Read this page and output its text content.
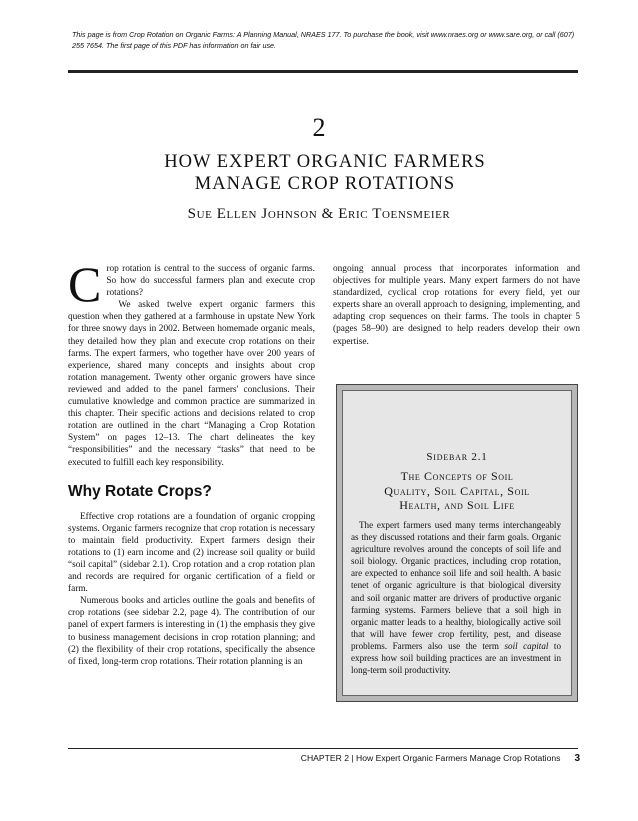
This page is from Crop Rotation on Organic Farms: A Planning Manual, NRAES 177. To purchase the book, visit www.nraes.org or www.sare.org, or call (607) 255 7654. The first page of this PDF has information on fair use.
2
HOW EXPERT ORGANIC FARMERS
MANAGE CROP ROTATIONS
Sue Ellen Johnson & Eric Toensmeier

Crop rotation is central to the success of organic farms. So how do successful farmers plan and execute crop rotations?

We asked twelve expert organic farmers this question when they gathered at a farmhouse in upstate New York for three snowy days in 2002. Between homemade organic meals, they detailed how they plan and execute crop rotations on their farms. The expert farmers, who together have over 200 years of experience, shared many concepts and insights about crop rotation management. Twenty other organic growers have since reviewed and added to the panel farmers' conclusions. Their cumulative knowledge and common practice are summarized in this chapter. Their specific actions and decisions related to crop rotation are outlined in the chart “Managing a Crop Rotation System” on pages 12–13. The chart delineates the key “responsibilities” and the necessary “tasks” that need to be executed to fulfill each key responsibility.

Why Rotate Crops?

Effective crop rotations are a foundation of organic cropping systems. Organic farmers recognize that crop rotation is necessary to maintain field productivity. Expert farmers design their rotations to (1) earn income and (2) increase soil quality or build “soil capital” (sidebar 2.1). Crop rotation and a crop rotation plan and records are required for organic certification of a field or farm.

Numerous books and articles outline the goals and benefits of crop rotations (see sidebar 2.2, page 4). The contribution of our panel of expert farmers is interesting in (1) the emphasis they give to business management decisions in crop rotation planning; and (2) the flexibility of their crop rotations, specifically the absence of fixed, long-term crop rotations. Their rotation planning is an

ongoing annual process that incorporates information and objectives for multiple years. Many expert farmers do not have standardized, cyclical crop rotations for every field, yet our experts share an overall approach to designing, implementing, and adapting crop sequences on their farms. The tools in chapter 5 (pages 58–90) are designed to help readers develop their own expertise.

Sidebar 2.1
The Concepts of Soil
Quality, Soil Capital, Soil
Health, and Soil Life
The expert farmers used many terms interchangeably as they discussed rotations and their farm goals. Organic agriculture revolves around the concepts of soil life and soil biology. Organic practices, including crop rotation, are expected to enhance soil life and soil health. A basic tenet of organic agriculture is that biological diversity and soil organic matter are drivers of productive organic farming systems. Farmers believe that a soil high in organic matter leads to a healthy, biologically active soil that will have fewer crop fertility, pest, and disease problems. Farmers also use the term soil capital to express how soil building practices are an investment in long-term soil productivity.
CHAPTER 2 | How Expert Organic Farmers Manage Crop Rotations 3
